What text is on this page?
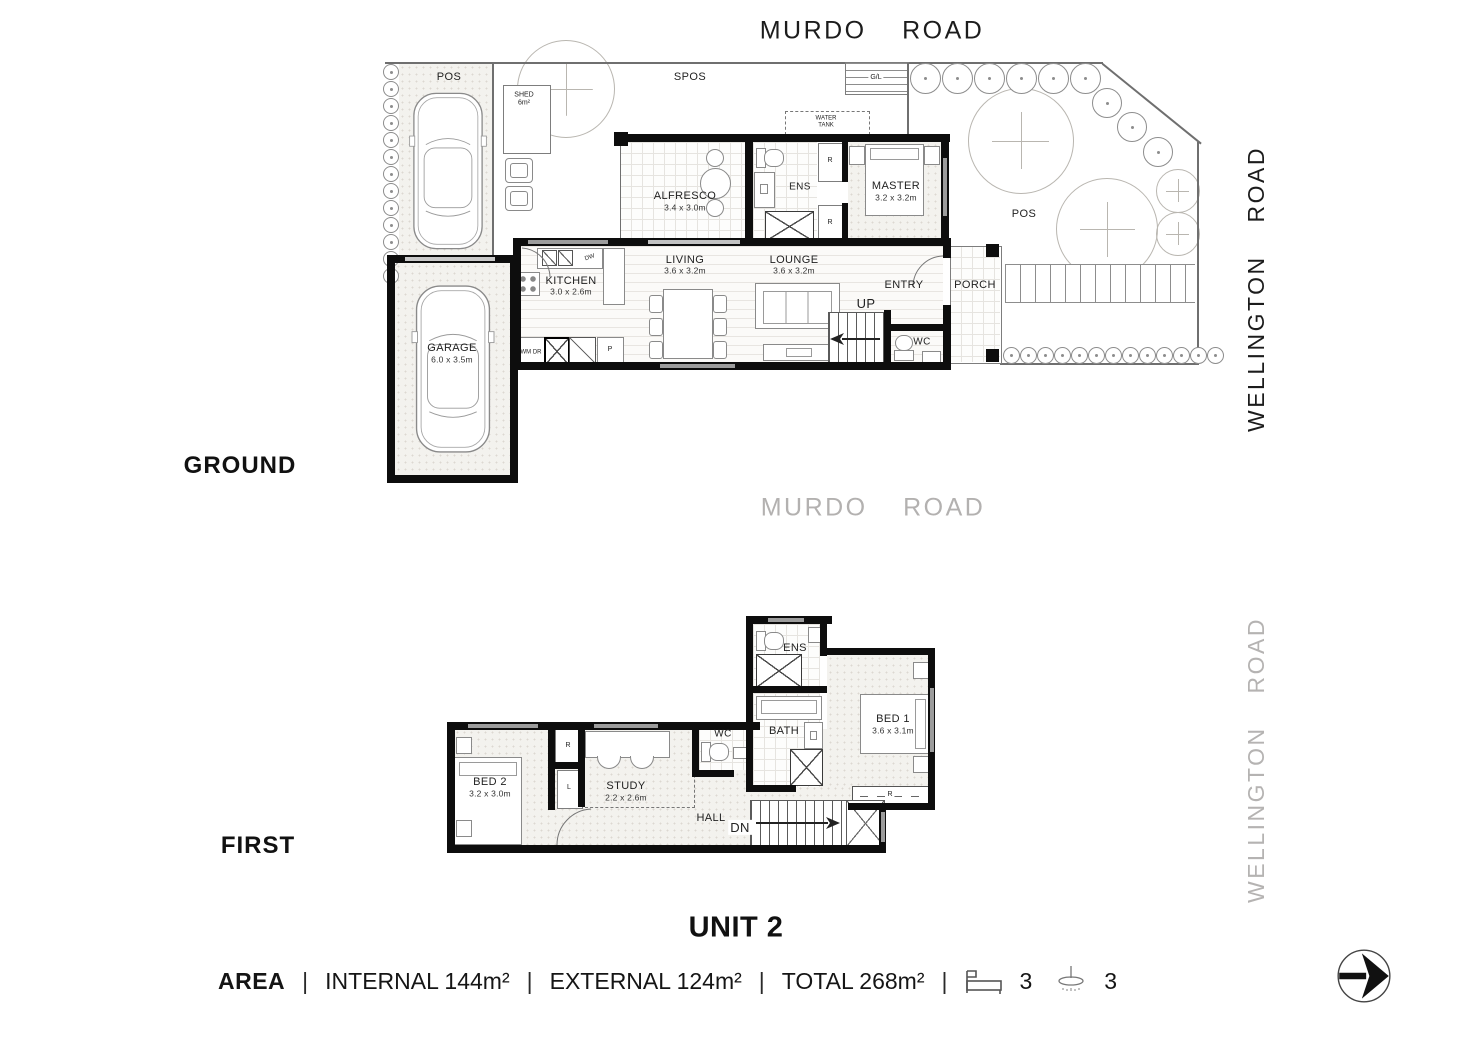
MURDO ROAD
MURDO ROAD
WELLINGTON ROAD
WELLINGTON ROAD
GROUND
POS
GARAGE
6.0 x 3.5m
SPOS
SHED
6m²
G/L
POS
WATER
TANK
ALFRESCO
3.4 x 3.0m
ENS
R
R
MASTER
3.2 x 3.2m
DW
KITCHEN
3.0 x 2.6m
LIVING
3.6 x 3.2m
LOUNGE
3.6 x 3.2m
UP
ENTRY
WC
PORCH
WM DR	P
FIRST
BED 2
3.2 x 3.0m
R
L	STUDY
2.2 x 2.6m
WC
ENS
BATH
BED 1
3.6 x 3.1m
R
HALL
DN
UNIT 2
AREA | INTERNAL 144m² | EXTERNAL 124m² | TOTAL 268m² |	3	3
